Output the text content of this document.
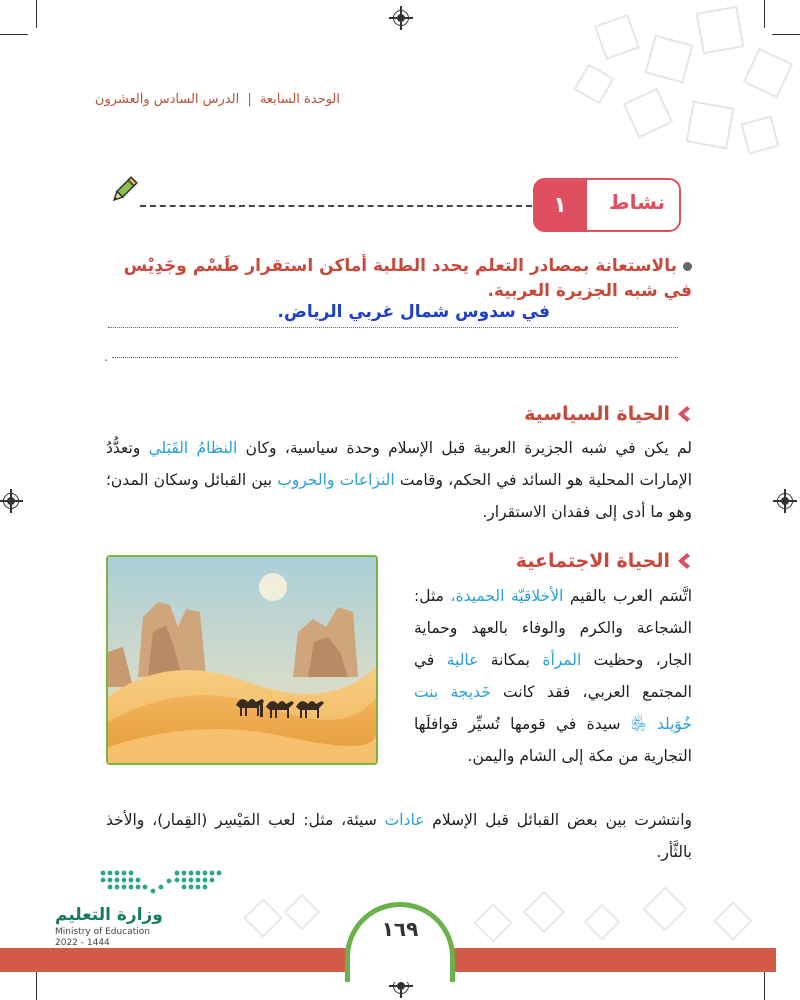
الوحدة السابعة | الدرس السادس والعشرون
١	نشاط
بالاستعانة بمصادر التعلم يحدد الطلبة أماكن استقرار طَسْم وجَدِيْس في شبه الجزيرة العربية.
في سدوس شمال غربي الرياض.
.
الحياة السياسية
لم يكن في شبه الجزيرة العربية قبل الإسلام وحدة سياسية، وكان النظامُ القَبَلي وتعدُّدُ الإمارات المحلية هو السائد في الحكم، وقامت النزاعات والحروب بين القبائل وسكان المدن؛ وهو ما أدى إلى فقدان الاستقرار.
الحياة الاجتماعية
اتَّسَم العرب بالقيم الأخلاقيّة الحميدة، مثل: الشجاعة والكرم والوفاء بالعهد وحماية الجار، وحظيت المرأة بمكانة عالية في المجتمع العربي، فقد كانت خَديجة بنت خُوَيلد ﵂ سيدة في قومها تُسيِّر قوافلَها التجارية من مكة إلى الشام واليمن.
وانتشرت بين بعض القبائل قبل الإسلام عادات سيئة، مثل: لعب المَيْسِر (القِمار)، والأخذ بالثَّأر.
وزارة التعليم
Ministry of Education
2022 - 1444
١٦٩
